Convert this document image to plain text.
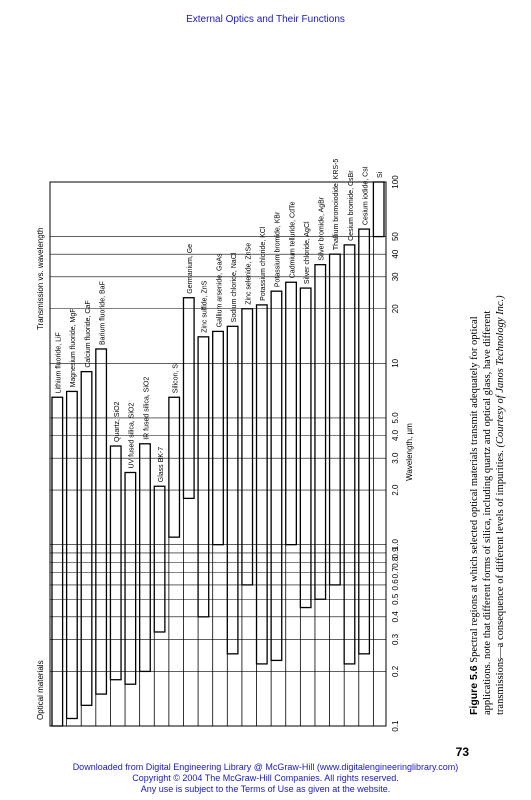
External Optics and Their Functions
Lithium fluoride, LiF Magnesium fluoride, MgF Calcium fluoride, CaF Barium fluoride, BaF
Quartz, SiO2 UV fused silica, SiO2 IR fused silica, SiO2
Glass BK-7
Silicon, Si
Germanium, Ge
Zinc sulfide, ZnS Gallium arsenide, GaAs Sodium chloride, NaCl Zinc selenide, ZnSe Potassium chloride, KCl Potassium bromide, KBr Cadmium telluride, CdTe Silver chloride, AgCl Silver bromide, AgBr Thallium bromoiodide, KRS-5 Cesium bromide, CsBr Cesium iodide, CsI Si
0.1
0.2
0.3
0.4
0.5
0.6
0.7
0.8
0.9
1.0
2.0
3.0
4.0
5.0
10
20
30
40
50
100
Optical materials
Transmission vs. wavelength
Wavelength, µm
Figure 5.6 Spectral regions at which selected optical materials transmit adequately for optical applications. note that different forms of silica, including quartz and optical glass, have different transmissions—a consequence of different levels of impurities. (Courtesy of Janos Technology Inc.)
73
Downloaded from Digital Engineering Library @ McGraw-Hill (www.digitalengineeringlibrary.com)
Copyright © 2004 The McGraw-Hill Companies. All rights reserved.
Any use is subject to the Terms of Use as given at the website.
